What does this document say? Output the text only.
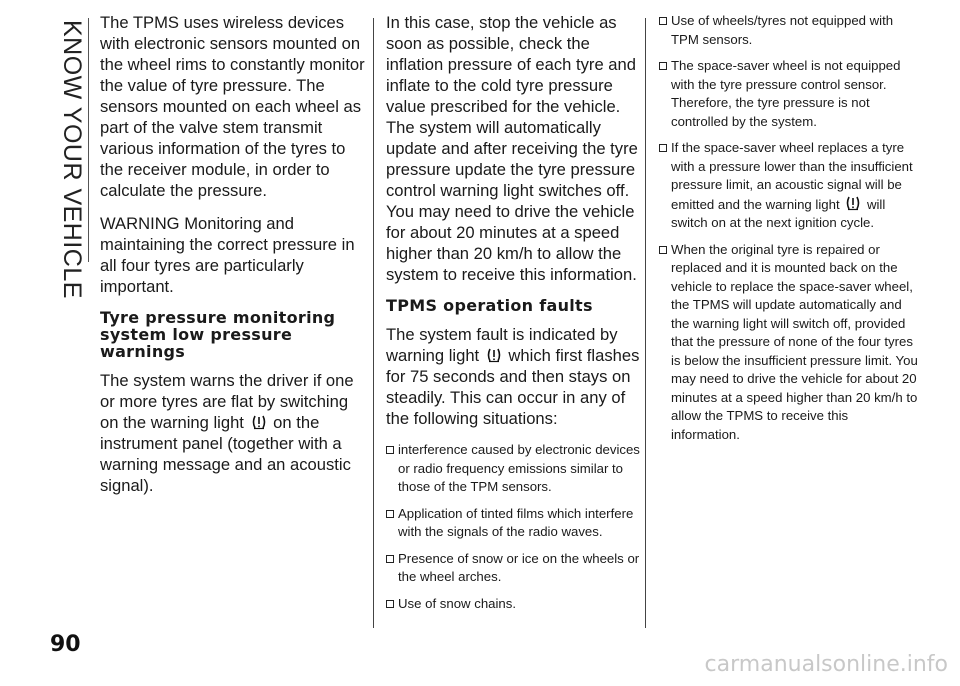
KNOW YOUR VEHICLE
90

The TPMS uses wireless devices with electronic sensors mounted on the wheel rims to constantly monitor the value of tyre pressure. The sensors mounted on each wheel as part of the valve stem transmit various information of the tyres to the receiver module, in order to calculate the pressure.

WARNING Monitoring and maintaining the correct pressure in all four tyres are particularly important.

Tyre pressure monitoring system low pressure warnings

The system warns the driver if one or more tyres are flat by switching on the warning light on the instrument panel (together with a warning message and an acoustic signal).

In this case, stop the vehicle as soon as possible, check the inflation pressure of each tyre and inflate to the cold tyre pressure value prescribed for the vehicle. The system will automatically update and after receiving the tyre pressure update the tyre pressure control warning light switches off. You may need to drive the vehicle for about 20 minutes at a speed higher than 20 km/h to allow the system to receive this information.

TPMS operation faults

The system fault is indicated by warning light which first flashes for 75 seconds and then stays on steadily. This can occur in any of the following situations:

interference caused by electronic devices or radio frequency emissions similar to those of the TPM sensors.
Application of tinted films which interfere with the signals of the radio waves.
Presence of snow or ice on the wheels or the wheel arches.
Use of snow chains.
Use of wheels/tyres not equipped with TPM sensors.
The space-saver wheel is not equipped with the tyre pressure control sensor. Therefore, the tyre pressure is not controlled by the system.
If the space-saver wheel replaces a tyre with a pressure lower than the insufficient pressure limit, an acoustic signal will be emitted and the warning light will switch on at the next ignition cycle.
When the original tyre is repaired or replaced and it is mounted back on the vehicle to replace the space-saver wheel, the TPMS will update automatically and the warning light will switch off, provided that the pressure of none of the four tyres is below the insufficient pressure limit. You may need to drive the vehicle for about 20 minutes at a speed higher than 20 km/h to allow the TPMS to receive this information.
carmanualsonline.info
